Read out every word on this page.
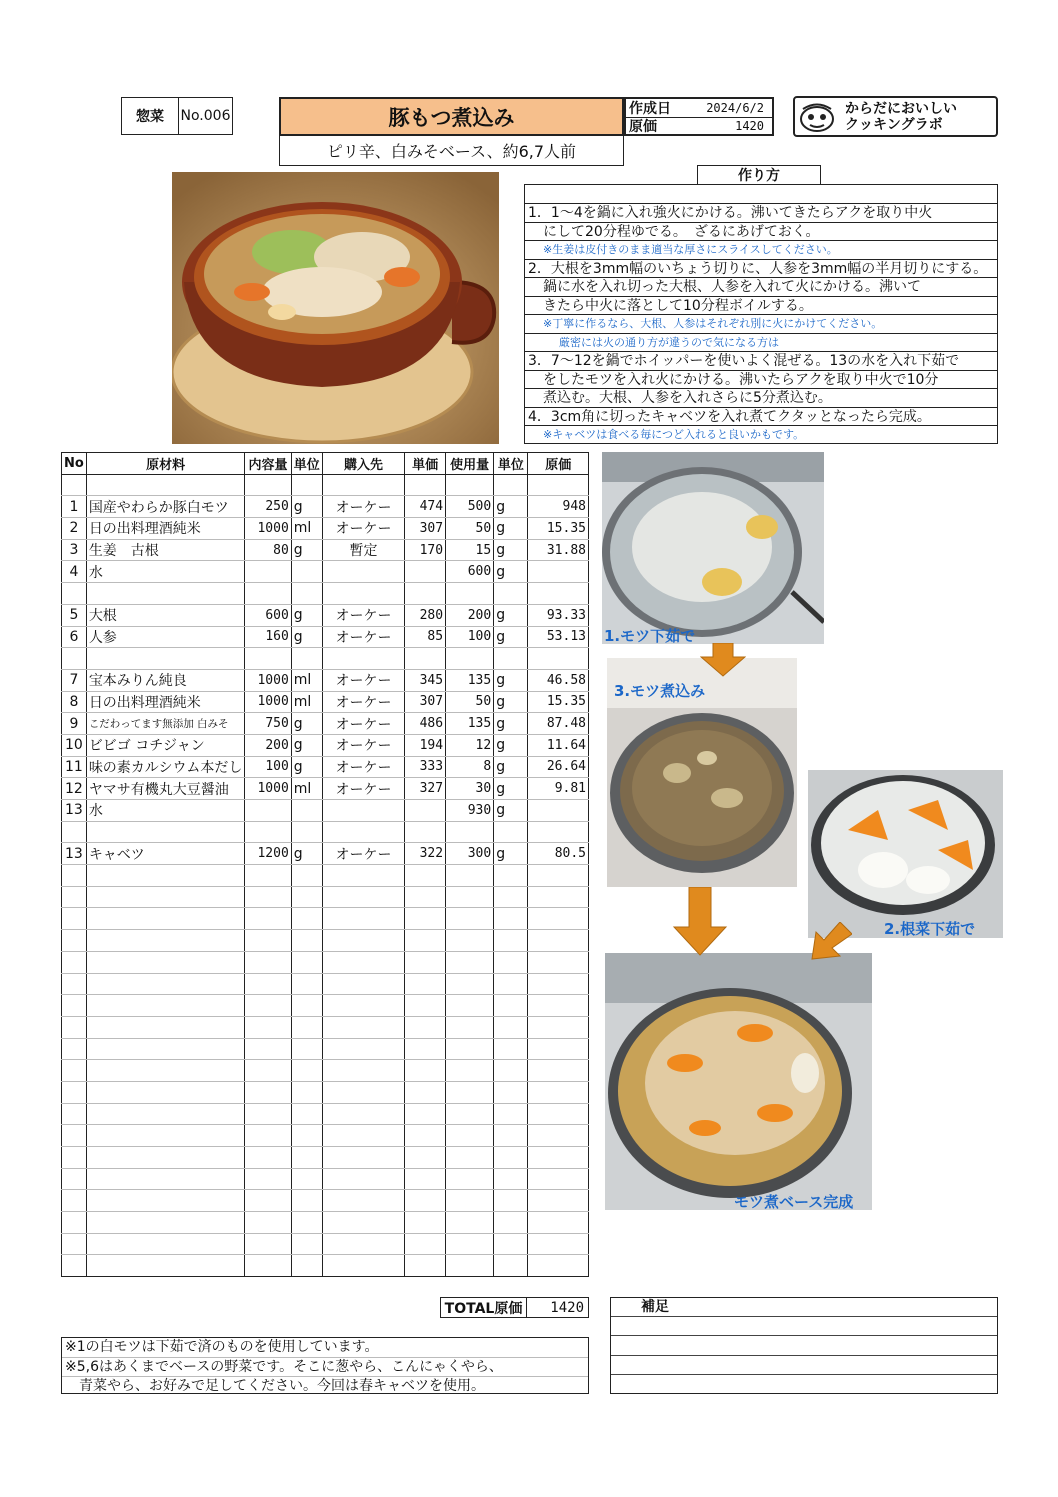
惣菜	No.006	豚もつ煮込み
ピリ辛、白みそベース、約6,7人前
作成日	2024/6/2
原価	1420
からだにおいしい
クッキングラボ
作り方
1．1～4を鍋に入れ強火にかける。沸いてきたらアクを取り中火
にして20分程ゆでる。　ざるにあげておく。
※生姜は皮付きのまま適当な厚さにスライスしてください。
2．大根を3mm幅のいちょう切りに、人参を3mm幅の半月切りにする。
鍋に水を入れ切った大根、人参を入れて火にかける。沸いて
きたら中火に落として10分程ボイルする。
※丁寧に作るなら、大根、人参はそれぞれ別に火にかけてください。
厳密には火の通り方が違うので気になる方は
3．7～12を鍋でホイッパーを使いよく混ぜる。13の水を入れ下茹で
をしたモツを入れ火にかける。沸いたらアクを取り中火で10分
煮込む。大根、人参を入れさらに5分煮込む。
4．3cm角に切ったキャベツを入れ煮てクタッとなったら完成。
※キャベツは食べる毎につど入れると良いかもです。
No	原材料	内容量	単位	購入先	単価	使用量	単位	原価

1	国産やわらか豚白モツ	250	g	オーケー	474	500	g	948
2	日の出料理酒純米	1000	ml	オーケー	307	50	g	15.35
3	生姜　古根	80	g	暫定	170	15	g	31.88
4	水					600	g	

5	大根	600	g	オーケー	280	200	g	93.33
6	人参	160	g	オーケー	85	100	g	53.13

7	宝本みりん純良	1000	ml	オーケー	345	135	g	46.58
8	日の出料理酒純米	1000	ml	オーケー	307	50	g	15.35
9	こだわってます無添加 白みそ	750	g	オーケー	486	135	g	87.48
10	ビビゴ コチジャン	200	g	オーケー	194	12	g	11.64
11	味の素カルシウム本だし	100	g	オーケー	333	8	g	26.64
12	ヤマサ有機丸大豆醤油	1000	ml	オーケー	327	30	g	9.81
13	水					930	g	

13	キャベツ	1200	g	オーケー	322	300	g	80.5

TOTAL原価	1420
※1の白モツは下茹で済のものを使用しています。
※5,6はあくまでベースの野菜です。そこに葱やら、こんにゃくやら、
　青菜やら、お好みで足してください。今回は春キャベツを使用。
補足
1.モツ下茹で
3.モツ煮込み
2.根菜下茹で
モツ煮ベース完成
